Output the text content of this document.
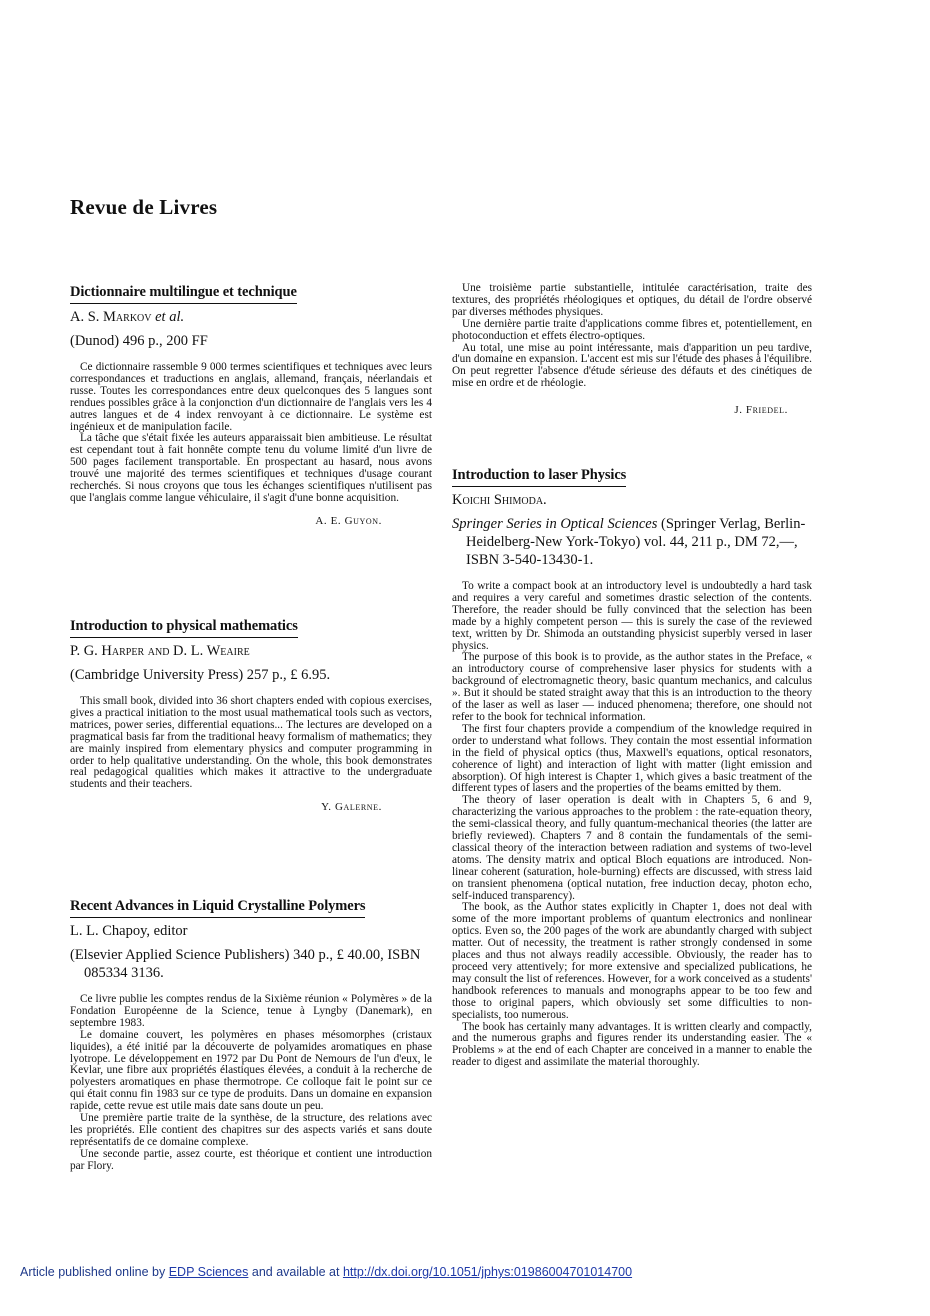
Revue de Livres
Dictionnaire multilingue et technique
A. S. Markov et al.
(Dunod) 496 p., 200 FF

Ce dictionnaire rassemble 9 000 termes scientifiques et techniques avec leurs correspondances et traductions en anglais, allemand, français, néerlandais et russe. Toutes les correspondances entre deux quelconques des 5 langues sont rendues possibles grâce à la conjonction d'un dictionnaire de l'anglais vers les 4 autres langues et de 4 index renvoyant à ce dictionnaire. Le système est ingénieux et de manipulation facile.

La tâche que s'était fixée les auteurs apparaissait bien ambitieuse. Le résultat est cependant tout à fait honnête compte tenu du volume limité d'un livre de 500 pages facilement transportable. En prospectant au hasard, nous avons trouvé une majorité des termes scientifiques et techniques d'usage courant recherchés. Si nous croyons que tous les échanges scientifiques n'utilisent pas que l'anglais comme langue véhiculaire, il s'agit d'une bonne acquisition.

A. E. Guyon.
Introduction to physical mathematics
P. G. Harper and D. L. Weaire
(Cambridge University Press) 257 p., £ 6.95.

This small book, divided into 36 short chapters ended with copious exercises, gives a practical initiation to the most usual mathematical tools such as vectors, matrices, power series, differential equations... The lectures are developed on a pragmatical basis far from the traditional heavy formalism of mathematics; they are mainly inspired from elementary physics and computer programming in order to help qualitative understanding. On the whole, this book demonstrates real pedagogical qualities which makes it attractive to the undergraduate students and their teachers.

Y. Galerne.
Recent Advances in Liquid Crystalline Polymers
L. L. Chapoy, editor
(Elsevier Applied Science Publishers) 340 p., £ 40.00, ISBN 085334 3136.

Ce livre publie les comptes rendus de la Sixième réunion « Polymères » de la Fondation Européenne de la Science, tenue à Lyngby (Danemark), en septembre 1983.

Le domaine couvert, les polymères en phases mésomorphes (cristaux liquides), a été initié par la découverte de polyamides aromatiques en phase lyotrope. Le développement en 1972 par Du Pont de Nemours de l'un d'eux, le Kevlar, une fibre aux propriétés élastiques élevées, a conduit à la recherche de polyesters aromatiques en phase thermotrope. Ce colloque fait le point sur ce qui était connu fin 1983 sur ce type de produits. Dans un domaine en expansion rapide, cette revue est utile mais date sans doute un peu.

Une première partie traite de la synthèse, de la structure, des relations avec les propriétés. Elle contient des chapitres sur des aspects variés et sans doute représentatifs de ce domaine complexe.

Une seconde partie, assez courte, est théorique et contient une introduction par Flory.

Une troisième partie substantielle, intitulée caractérisation, traite des textures, des propriétés rhéologiques et optiques, du détail de l'ordre observé par diverses méthodes physiques.

Une dernière partie traite d'applications comme fibres et, potentiellement, en photoconduction et effets électro-optiques.

Au total, une mise au point intéressante, mais d'apparition un peu tardive, d'un domaine en expansion. L'accent est mis sur l'étude des phases à l'équilibre. On peut regretter l'absence d'étude sérieuse des défauts et des cinétiques de mise en ordre et de rhéologie.

J. Friedel.
Introduction to laser Physics
Koichi Shimoda.
Springer Series in Optical Sciences (Springer Verlag, Berlin-Heidelberg-New York-Tokyo) vol. 44, 211 p., DM 72,—, ISBN 3-540-13430-1.

To write a compact book at an introductory level is undoubtedly a hard task and requires a very careful and sometimes drastic selection of the contents. Therefore, the reader should be fully convinced that the selection has been made by a highly competent person — this is surely the case of the reviewed text, written by Dr. Shimoda an outstanding physicist superbly versed in laser physics.

The purpose of this book is to provide, as the author states in the Preface, « an introductory course of comprehensive laser physics for students with a background of electromagnetic theory, basic quantum mechanics, and calculus ». But it should be stated straight away that this is an introduction to the theory of the laser as well as laser — induced phenomena; therefore, one should not refer to the book for technical information.

The first four chapters provide a compendium of the knowledge required in order to understand what follows. They contain the most essential information in the field of physical optics (thus, Maxwell's equations, optical resonators, coherence of light) and interaction of light with matter (light emission and absorption). Of high interest is Chapter 1, which gives a basic treatment of the different types of lasers and the properties of the beams emitted by them.

The theory of laser operation is dealt with in Chapters 5, 6 and 9, characterizing the various approaches to the problem : the rate-equation theory, the semi-classical theory, and fully quantum-mechanical theories (the latter are briefly reviewed). Chapters 7 and 8 contain the fundamentals of the semi-classical theory of the interaction between radiation and systems of two-level atoms. The density matrix and optical Bloch equations are introduced. Non-linear coherent (saturation, hole-burning) effects are discussed, with stress laid on transient phenomena (optical nutation, free induction decay, photon echo, self-induced transparency).

The book, as the Author states explicitly in Chapter 1, does not deal with some of the more important problems of quantum electronics and nonlinear optics. Even so, the 200 pages of the work are abundantly charged with subject matter. Out of necessity, the treatment is rather strongly condensed in some places and thus not always readily accessible. Obviously, the reader has to proceed very attentively; for more extensive and specialized publications, he may consult the list of references. However, for a work conceived as a students' handbook references to manuals and monographs appear to be too few and those to original papers, which obviously set some difficulties to non-specialists, too numerous.

The book has certainly many advantages. It is written clearly and compactly, and the numerous graphs and figures render its understanding easier. The « Problems » at the end of each Chapter are conceived in a manner to enable the reader to digest and assimilate the material thoroughly.

Article published online by EDP Sciences and available at http://dx.doi.org/10.1051/jphys:01986004701014700
